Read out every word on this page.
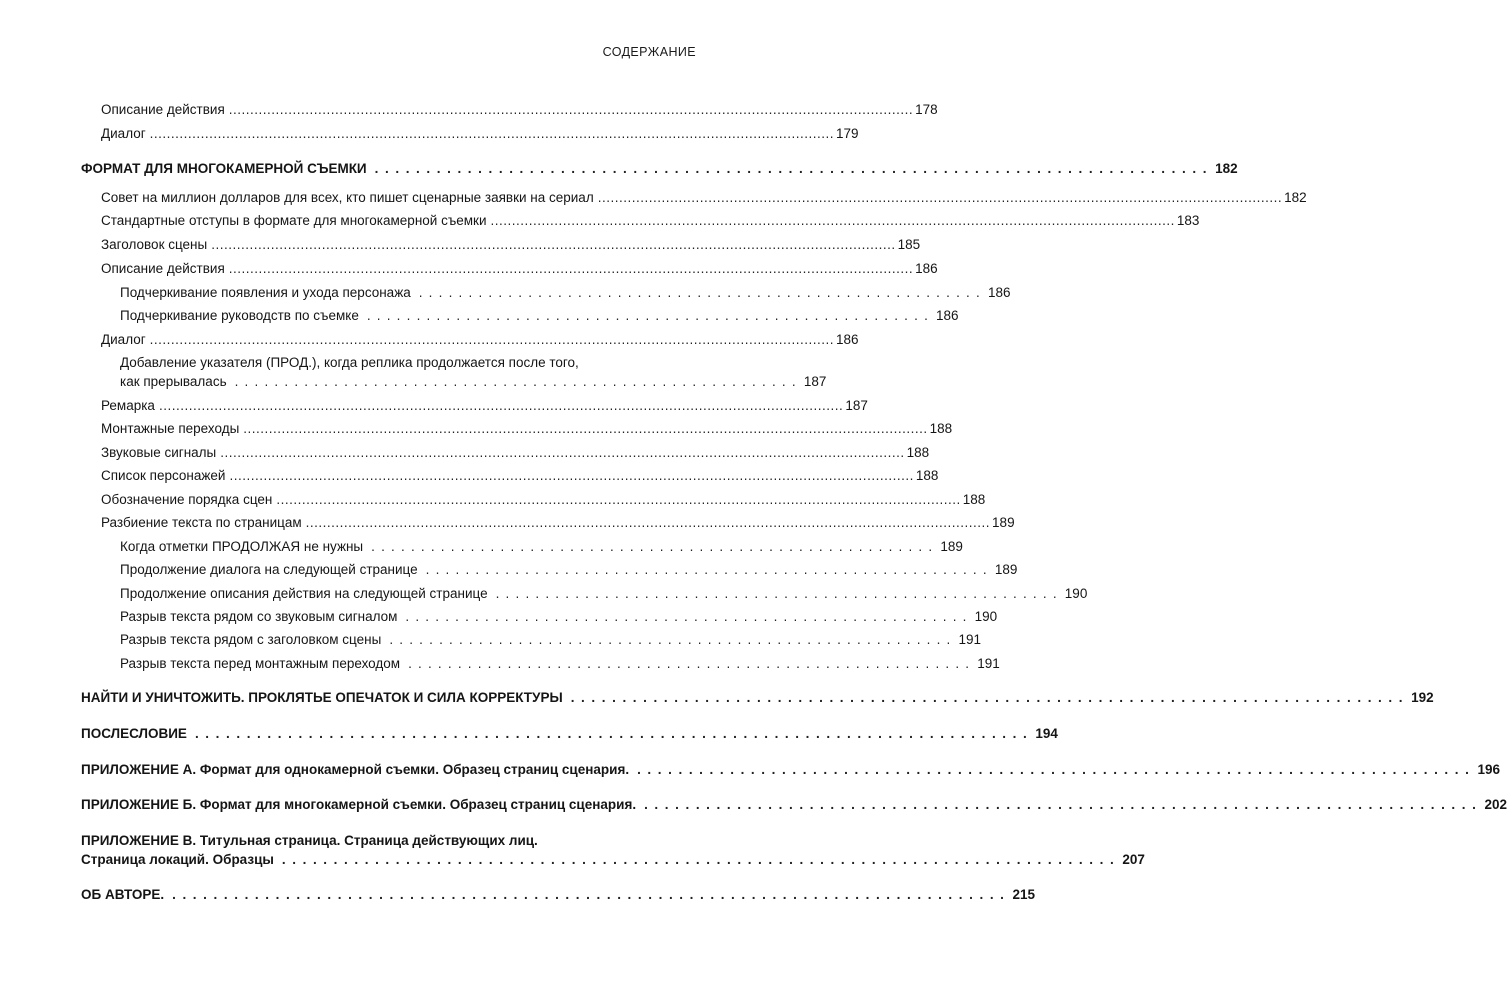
СОДЕРЖАНИЕ
Описание действия ................................................................................................................................................................. 178
Диалог ................................................................................................................................................................. 179
ФОРМАТ ДЛЯ МНОГОКАМЕРНОЙ СЪЕМКИ ................................................................................. 182
Совет на миллион долларов для всех, кто пишет сценарные заявки на сериал ................................................................................................................................................................. 182
Стандартные отступы в формате для многокамерной съемки ................................................................................................................................................................. 183
Заголовок сцены ................................................................................................................................................................. 185
Описание действия ................................................................................................................................................................. 186
Подчеркивание появления и ухода персонажа ......................................................... 186
Подчеркивание руководств по съемке ......................................................... 186
Диалог ................................................................................................................................................................. 186
Добавление указателя (ПРОД.), когда реплика продолжается после того,
как прерывалась ......................................................... 187
Ремарка ................................................................................................................................................................. 187
Монтажные переходы ................................................................................................................................................................. 188
Звуковые сигналы ................................................................................................................................................................. 188
Список персонажей ................................................................................................................................................................. 188
Обозначение порядка сцен ................................................................................................................................................................. 188
Разбиение текста по страницам ................................................................................................................................................................. 189
Когда отметки ПРОДОЛЖАЯ не нужны ......................................................... 189
Продолжение диалога на следующей странице ......................................................... 189
Продолжение описания действия на следующей странице ......................................................... 190
Разрыв текста рядом со звуковым сигналом ......................................................... 190
Разрыв текста рядом с заголовком сцены ......................................................... 191
Разрыв текста перед монтажным переходом ......................................................... 191
НАЙТИ И УНИЧТОЖИТЬ. ПРОКЛЯТЬЕ ОПЕЧАТОК И СИЛА КОРРЕКТУРЫ ................................................................................. 192
ПОСЛЕСЛОВИЕ ................................................................................. 194
ПРИЛОЖЕНИЕ А. Формат для однокамерной съемки. Образец страниц сценария. ................................................................................. 196
ПРИЛОЖЕНИЕ Б. Формат для многокамерной съемки. Образец страниц сценария. ................................................................................. 202
ПРИЛОЖЕНИЕ В. Титульная страница. Страница действующих лиц.
Страница локаций. Образцы ................................................................................. 207
ОБ АВТОРЕ. ................................................................................. 215
